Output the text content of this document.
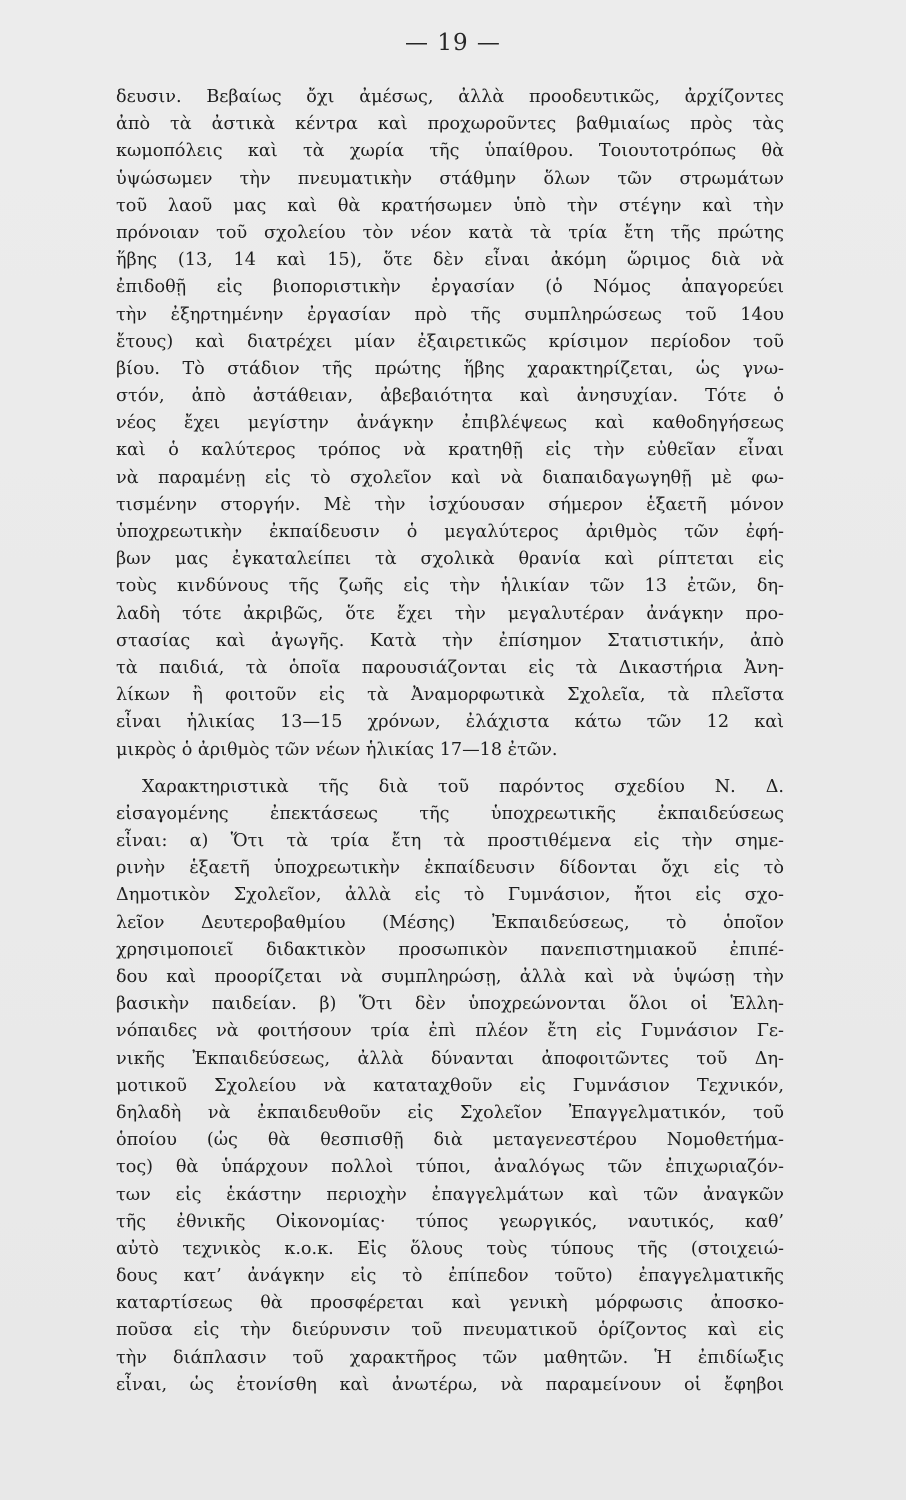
— 19 —
δευσιν. Βεβαίως ὄχι ἀμέσως, ἀλλὰ προοδευτικῶς, ἀρχίζοντες
ἀπὸ τὰ ἀστικὰ κέντρα καὶ προχωροῦντες βαθμιαίως πρὸς τὰς
κωμοπόλεις καὶ τὰ χωρία τῆς ὑπαίθρου. Τοιουτοτρόπως θὰ
ὑψώσωμεν τὴν πνευματικὴν στάθμην ὅλων τῶν στρωμάτων
τοῦ λαοῦ μας καὶ θὰ κρατήσωμεν ὑπὸ τὴν στέγην καὶ τὴν
πρόνοιαν τοῦ σχολείου τὸν νέον κατὰ τὰ τρία ἔτη τῆς πρώτης
ἥβης (13, 14 καὶ 15), ὅτε δὲν εἶναι ἀκόμη ὥριμος διὰ νὰ
ἐπιδοθῇ εἰς βιοποριστικὴν ἐργασίαν (ὁ Νόμος ἀπαγορεύει
τὴν ἐξηρτημένην ἐργασίαν πρὸ τῆς συμπληρώσεως τοῦ 14ου
ἔτους) καὶ διατρέχει μίαν ἐξαιρετικῶς κρίσιμον περίοδον τοῦ
βίου. Τὸ στάδιον τῆς πρώτης ἥβης χαρακτηρίζεται, ὡς γνω-
στόν, ἀπὸ ἀστάθειαν, ἀβεβαιότητα καὶ ἀνησυχίαν. Τότε ὁ
νέος ἔχει μεγίστην ἀνάγκην ἐπιβλέψεως καὶ καθοδηγήσεως
καὶ ὁ καλύτερος τρόπος νὰ κρατηθῇ εἰς τὴν εὐθεῖαν εἶναι
νὰ παραμένῃ εἰς τὸ σχολεῖον καὶ νὰ διαπαιδαγωγηθῇ μὲ φω-
τισμένην στοργήν. Μὲ τὴν ἰσχύουσαν σήμερον ἑξαετῆ μόνον
ὑποχρεωτικὴν ἐκπαίδευσιν ὁ μεγαλύτερος ἀριθμὸς τῶν ἐφή-
βων μας ἐγκαταλείπει τὰ σχολικὰ θρανία καὶ ρίπτεται εἰς
τοὺς κινδύνους τῆς ζωῆς εἰς τὴν ἡλικίαν τῶν 13 ἐτῶν, δη-
λαδὴ τότε ἀκριβῶς, ὅτε ἔχει τὴν μεγαλυτέραν ἀνάγκην προ-
στασίας καὶ ἀγωγῆς. Κατὰ τὴν ἐπίσημον Στατιστικήν, ἀπὸ
τὰ παιδιά, τὰ ὁποῖα παρουσιάζονται εἰς τὰ Δικαστήρια Ἀνη-
λίκων ἢ φοιτοῦν εἰς τὰ Ἀναμορφωτικὰ Σχολεῖα, τὰ πλεῖστα
εἶναι ἡλικίας 13—15 χρόνων, ἐλάχιστα κάτω τῶν 12 καὶ
μικρὸς ὁ ἀριθμὸς τῶν νέων ἡλικίας 17—18 ἐτῶν.
Χαρακτηριστικὰ τῆς διὰ τοῦ παρόντος σχεδίου Ν. Δ.
εἰσαγομένης ἐπεκτάσεως τῆς ὑποχρεωτικῆς ἐκπαιδεύσεως
εἶναι: α) Ὅτι τὰ τρία ἔτη τὰ προστιθέμενα εἰς τὴν σημε-
ρινὴν ἑξαετῆ ὑποχρεωτικὴν ἐκπαίδευσιν δίδονται ὄχι εἰς τὸ
Δημοτικὸν Σχολεῖον, ἀλλὰ εἰς τὸ Γυμνάσιον, ἤτοι εἰς σχο-
λεῖον Δευτεροβαθμίου (Μέσης) Ἐκπαιδεύσεως, τὸ ὁποῖον
χρησιμοποιεῖ διδακτικὸν προσωπικὸν πανεπιστημιακοῦ ἐπιπέ-
δου καὶ προορίζεται νὰ συμπληρώσῃ, ἀλλὰ καὶ νὰ ὑψώσῃ τὴν
βασικὴν παιδείαν. β) Ὅτι δὲν ὑποχρεώνονται ὅλοι οἱ Ἑλλη-
νόπαιδες νὰ φοιτήσουν τρία ἐπὶ πλέον ἔτη εἰς Γυμνάσιον Γε-
νικῆς Ἐκπαιδεύσεως, ἀλλὰ δύνανται ἀποφοιτῶντες τοῦ Δη-
μοτικοῦ Σχολείου νὰ καταταχθοῦν εἰς Γυμνάσιον Τεχνικόν,
δηλαδὴ νὰ ἐκπαιδευθοῦν εἰς Σχολεῖον Ἐπαγγελματικόν, τοῦ
ὁποίου (ὡς θὰ θεσπισθῇ διὰ μεταγενεστέρου Νομοθετήμα-
τος) θὰ ὑπάρχουν πολλοὶ τύποι, ἀναλόγως τῶν ἐπιχωριαζόν-
των εἰς ἑκάστην περιοχὴν ἐπαγγελμάτων καὶ τῶν ἀναγκῶν
τῆς ἐθνικῆς Οἰκονομίας· τύπος γεωργικός, ναυτικός, καθ’
αὐτὸ τεχνικὸς κ.ο.κ. Εἰς ὅλους τοὺς τύπους τῆς (στοιχειώ-
δους κατ’ ἀνάγκην εἰς τὸ ἐπίπεδον τοῦτο) ἐπαγγελματικῆς
καταρτίσεως θὰ προσφέρεται καὶ γενικὴ μόρφωσις ἀποσκο-
ποῦσα εἰς τὴν διεύρυνσιν τοῦ πνευματικοῦ ὁρίζοντος καὶ εἰς
τὴν διάπλασιν τοῦ χαρακτῆρος τῶν μαθητῶν. Ἡ ἐπιδίωξις
εἶναι, ὡς ἐτονίσθη καὶ ἀνωτέρω, νὰ παραμείνουν οἱ ἔφηβοι
